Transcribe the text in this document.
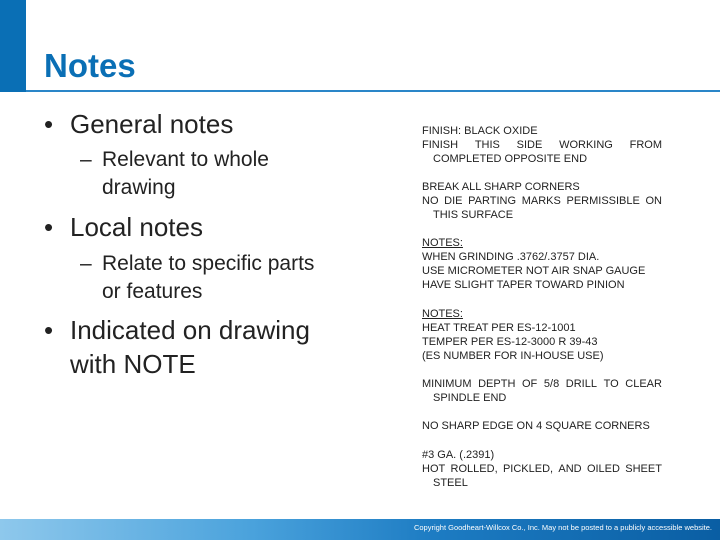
Notes
• General notes
– Relevant to whole
drawing
• Local notes
– Relate to specific parts
or features
• Indicated on drawing
with NOTE
FINISH: BLACK OXIDE
FINISH THIS SIDE WORKING FROM
COMPLETED OPPOSITE END
BREAK ALL SHARP CORNERS
NO DIE PARTING MARKS PERMISSIBLE ON
THIS SURFACE
NOTES:
WHEN GRINDING .3762/.3757 DIA.
USE MICROMETER NOT AIR SNAP GAUGE
HAVE SLIGHT TAPER TOWARD PINION
NOTES:
HEAT TREAT PER ES-12-1001
TEMPER PER ES-12-3000 R 39-43
(ES NUMBER FOR IN-HOUSE USE)
MINIMUM DEPTH OF 5/8 DRILL TO CLEAR
SPINDLE END
NO SHARP EDGE ON 4 SQUARE CORNERS
#3 GA. (.2391)
HOT ROLLED, PICKLED, AND OILED SHEET
STEEL
Copyright Goodheart-Willcox Co., Inc. May not be posted to a publicly accessible website.
